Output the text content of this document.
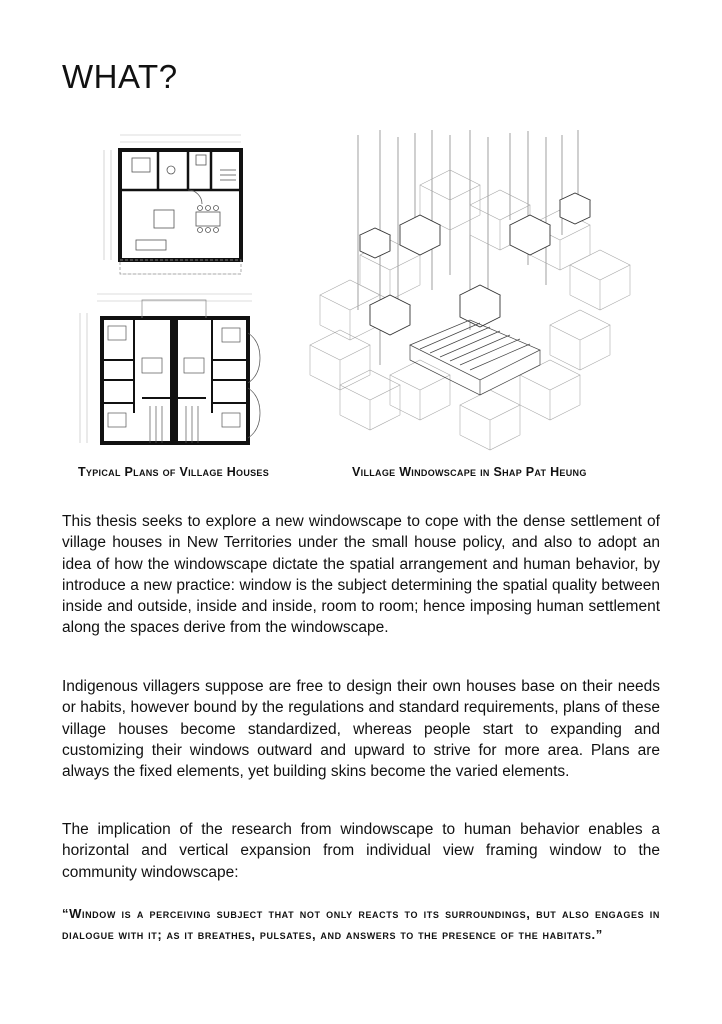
WHAT?
Typical Plans of Village Houses	Village Windowscape in Shap Pat Heung

This thesis seeks to explore a new windowscape to cope with the dense settlement of village houses in New Territories under the small house policy, and also to adopt an idea of how the windowscape dictate the spatial arrangement and human behavior, by introduce a new practice: window is the subject determining the spatial quality between inside and outside, inside and inside, room to room; hence imposing human settlement along the spaces derive from the windowscape.

Indigenous villagers suppose are free to design their own houses base on their needs or habits, however bound by the regulations and standard requirements, plans of these village houses become standardized, whereas people start to expanding and customizing their windows outward and upward to strive for more area. Plans are always the fixed elements, yet building skins become the varied elements.

The implication of the research from windowscape to human behavior enables a horizontal and vertical expansion from individual view framing window to the community windowscape:

“Window is a perceiving subject that not only reacts to its surroundings, but also engages in dialogue with it; as it breathes, pulsates, and answers to the presence of the habitats.”
